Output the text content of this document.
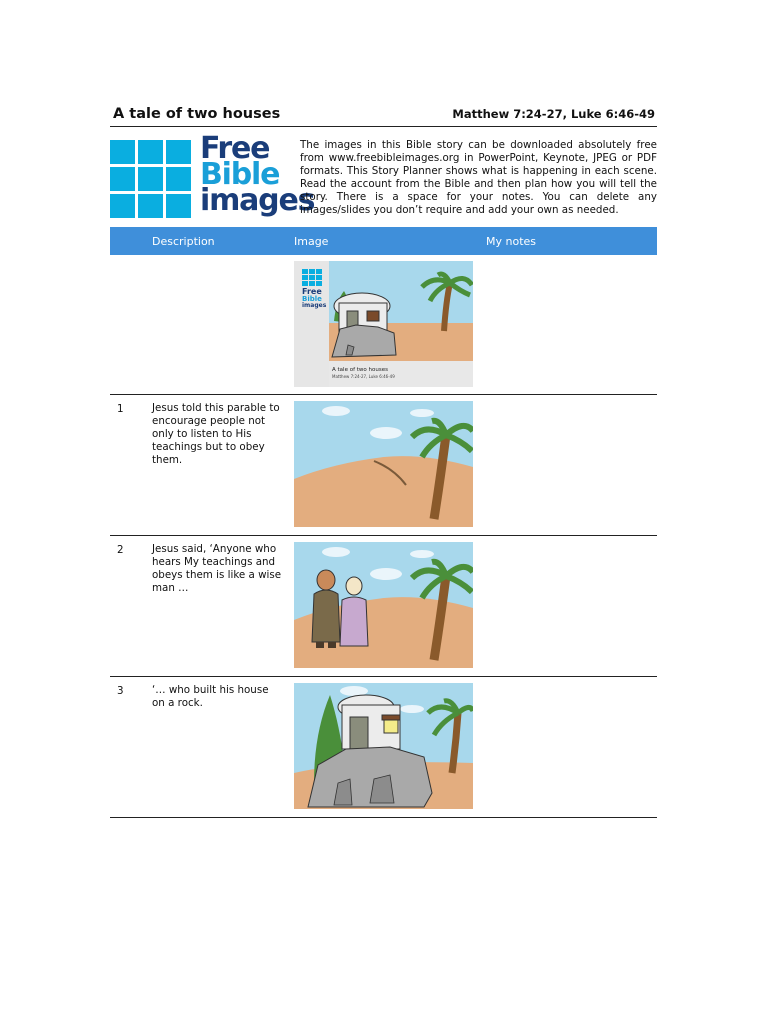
A tale of two houses	Matthew 7:24-27, Luke 6:46-49
Free
Bible
images
The images in this Bible story can be downloaded absolutely free from www.freebibleimages.org in PowerPoint, Keynote, JPEG or PDF formats. This Story Planner shows what is happening in each scene. Read the account from the Bible and then plan how you will tell the story. There is a space for your notes. You can delete any images/slides you don’t require and add your own as needed.
Description	Image	My notes
Free
Bible
images
A tale of two houses
Matthew 7:24-27, Luke 6:46-49
1	Jesus told this parable to encourage people not only to listen to His teachings but to obey them.
2	Jesus said, ‘Anyone who hears My teachings and obeys them is like a wise man …
3	‘… who built his house on a rock.
